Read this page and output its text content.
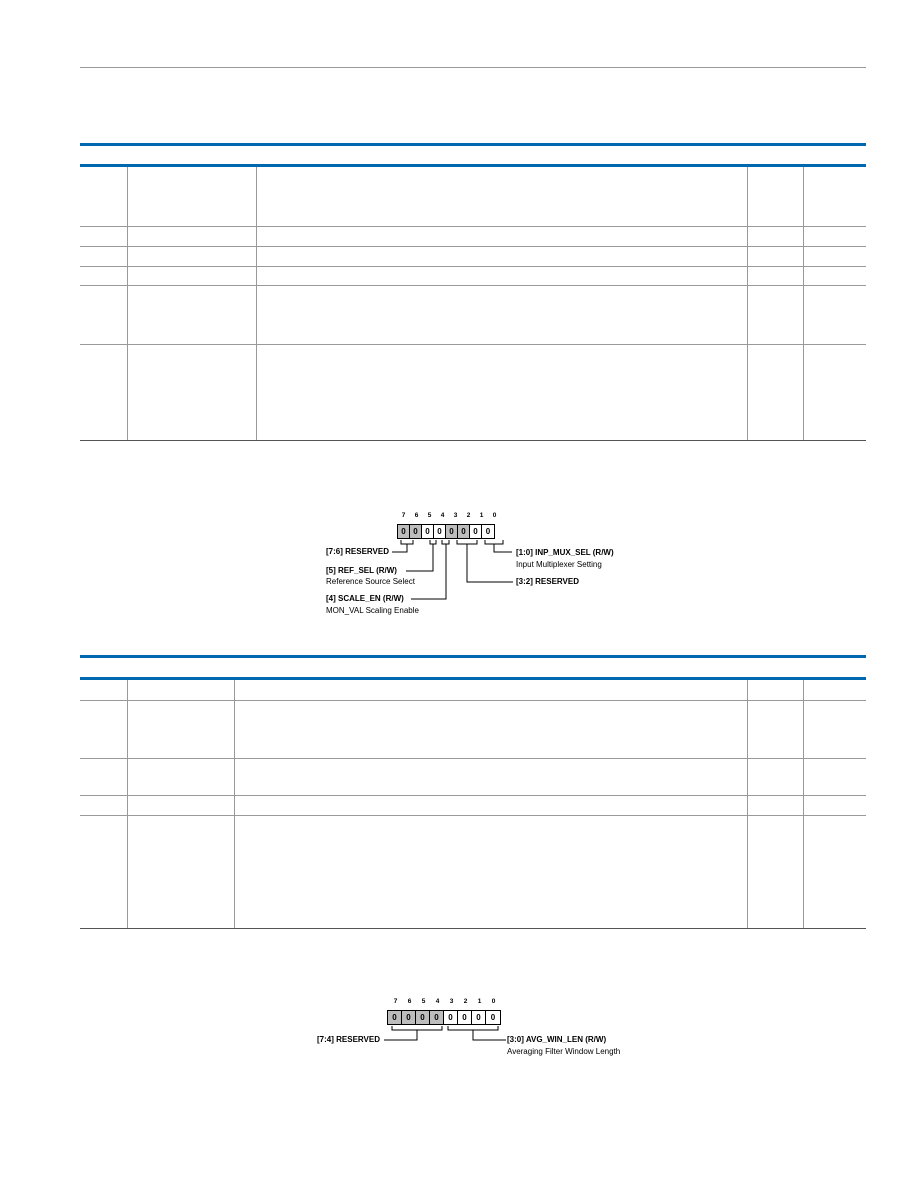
7	6	5	4	3	2	1	0
0 0 0 0 0 0 0	0
[7:6] RESERVED
[5] REF_SEL (R/W)
Reference Source Select
[4] SCALE_EN (R/W)
MON_VAL Scaling Enable
[1:0] INP_MUX_SEL (R/W)
Input Multiplexer Setting
[3:2] RESERVED

7	6	5	4	3	2	1	0
0	0	0	0	0	0	0	0
[7:4] RESERVED	[3:0] AVG_WIN_LEN (R/W)
Averaging Filter Window Length
